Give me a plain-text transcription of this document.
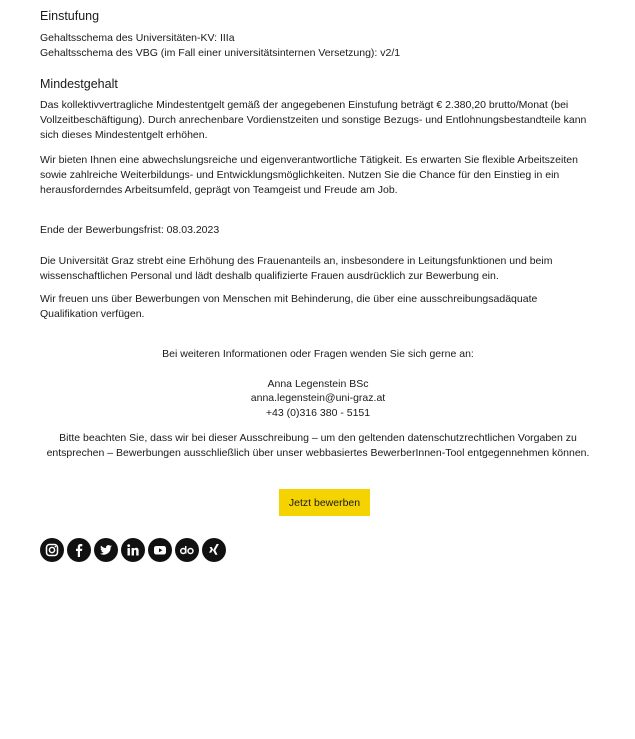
Einstufung

Gehaltsschema des Universitäten-KV: IIIa

Gehaltsschema des VBG (im Fall einer universitätsinternen Versetzung): v2/1

Mindestgehalt

Das kollektivvertragliche Mindestentgelt gemäß der angegebenen Einstufung beträgt € 2.380,20 brutto/Monat (bei Vollzeitbeschäftigung). Durch anrechenbare Vordienstzeiten und sonstige Bezugs- und Entlohnungsbestandteile kann sich dieses Mindestentgelt erhöhen.

Wir bieten Ihnen eine abwechslungsreiche und eigenverantwortliche Tätigkeit. Es erwarten Sie flexible Arbeitszeiten sowie zahlreiche Weiterbildungs- und Entwicklungsmöglichkeiten. Nutzen Sie die Chance für den Einstieg in ein herausforderndes Arbeitsumfeld, geprägt von Teamgeist und Freude am Job.

Ende der Bewerbungsfrist: 08.03.2023

Die Universität Graz strebt eine Erhöhung des Frauenanteils an, insbesondere in Leitungsfunktionen und beim wissenschaftlichen Personal und lädt deshalb qualifizierte Frauen ausdrücklich zur Bewerbung ein.

Wir freuen uns über Bewerbungen von Menschen mit Behinderung, die über eine ausschreibungsadäquate Qualifikation verfügen.

Bei weiteren Informationen oder Fragen wenden Sie sich gerne an:

Anna Legenstein BSc

anna.legenstein@uni-graz.at

+43 (0)316 380 - 5151

Bitte beachten Sie, dass wir bei dieser Ausschreibung – um den geltenden datenschutzrechtlichen Vorgaben zu entsprechen – Bewerbungen ausschließlich über unser webbasiertes BewerberInnen-Tool entgegennehmen können.

Jetzt bewerben
